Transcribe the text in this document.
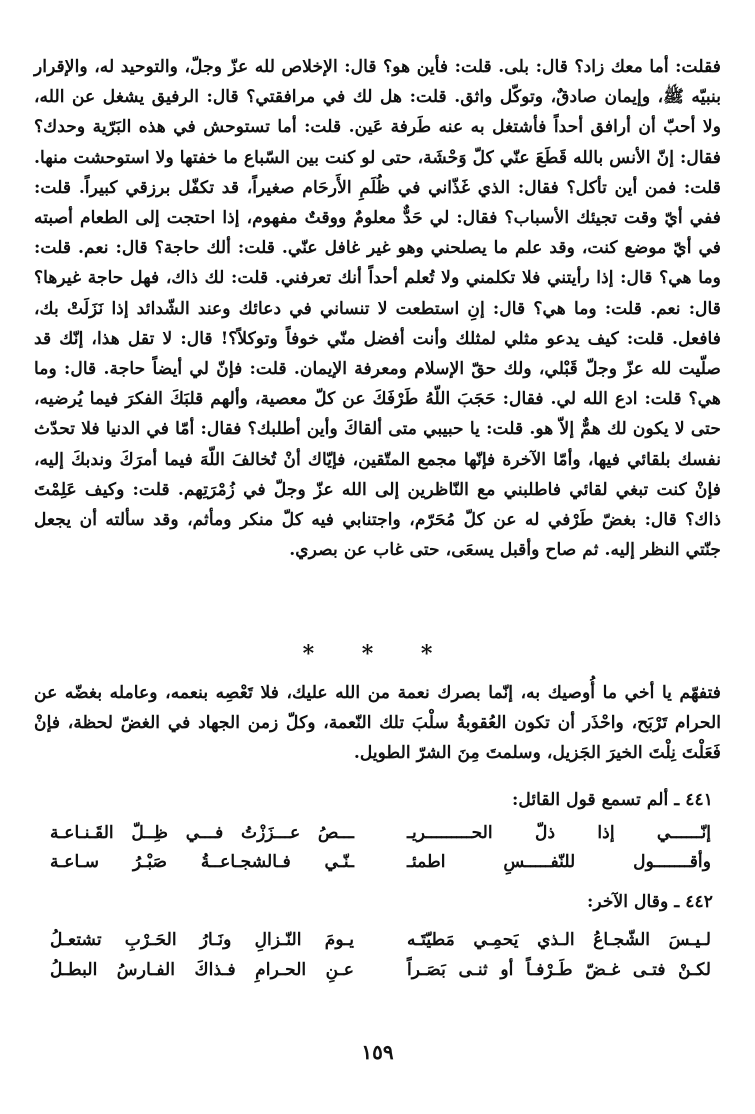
فقلت: أما معك زاد؟ قال: بلى. قلت: فأين هو؟ قال: الإخلاص لله عزّ وجلّ، والتوحيد له، والإقرار بنبيّه ﷺ، وإيمان صادقٌ، وتوكّل واثق. قلت: هل لك في مرافقتي؟ قال: الرفيق يشغل عن الله، ولا أحبّ أن أرافق أحداً فأشتغل به عنه طَرفة عَين. قلت: أما تستوحش في هذه البَرّية وحدك؟ فقال: إنّ الأنس بالله قَطَعَ عنّي كلّ وَحْشَة، حتى لو كنت بين السّباع ما خفتها ولا استوحشت منها. قلت: فمن أين تأكل؟ فقال: الذي غَذّاني في ظُلَمِ الأَرحَام صغيراً، قد تكفّل برزقي كبيراً. قلت: ففي أيّ وقت تجيئك الأسباب؟ فقال: لي حَدٌّ معلومٌ ووقتٌ مفهوم، إذا احتجت إلى الطعام أصبته في أيّ موضع كنت، وقد علم ما يصلحني وهو غير غافل عنّي. قلت: ألك حاجة؟ قال: نعم. قلت: وما هي؟ قال: إذا رأيتني فلا تكلمني ولا تُعلم أحداً أنك تعرفني. قلت: لك ذاك، فهل حاجة غيرها؟ قال: نعم. قلت: وما هي؟ قال: إنِ استطعت لا تنساني في دعائك وعند الشّدائد إذا نَزَلَتْ بك، فافعل. قلت: كيف يدعو مثلي لمثلك وأنت أفضل منّي خوفاً وتوكلاً؟! قال: لا تقل هذا، إنّك قد صلّيت لله عزّ وجلّ قَبْلي، ولك حقّ الإسلام ومعرفة الإيمان. قلت: فإنّ لي أيضاً حاجة. قال: وما هي؟ قلت: ادع الله لي. فقال: حَجَبَ اللّهُ طَرْفَكَ عن كلّ معصية، وألهم قلبَكَ الفكرَ فيما يُرضيه، حتى لا يكون لك همٌّ إلاّ هو. قلت: يا حبيبي متى ألقاكَ وأين أطلبك؟ فقال: أمّا في الدنيا فلا تحدّث نفسك بلقائي فيها، وأمّا الآخرة فإنّها مجمع المتّقين، فإيّاك أنْ تُخالفَ اللّهَ فيما أمرَكَ وندبكَ إليه، فإنْ كنت تبغي لقائي فاطلبني مع النّاظرين إلى الله عزّ وجلّ في زُمْرَتِهم. قلت: وكيف عَلِمْتَ ذاك؟ قال: بغضّ طَرْفي له عن كلّ مُحَرّم، واجتنابي فيه كلّ منكر ومأثم، وقد سألته أن يجعل جنّتي النظر إليه. ثم صاح وأقبل يسعَى، حتى غاب عن بصري.

* * *

فتفهّم يا أخي ما أُوصيك به، إنّما بصرك نعمة من الله عليك، فلا تَعْصِه بنعمه، وعامله بغضّه عن الحرام تَرْبَح، واحْذَر أن تكون العُقوبةُ سلْبَ تلك النّعمة، وكلّ زمن الجهاد في الغضّ لحظة، فإنْ فَعَلْتَ نِلْتَ الخيرَ الجَزيل، وسلمتَ مِنَ الشرّ الطويل.

٤٤١ ـ ألم تسمع قول القائل:
إنّــــــي إذا ذلّ الحـــــــــريـ
ـــصُ عـــزَزْتُ فـــي ظِــلّ القَـنـاعـة
وأقـــــــول للنّفـــــسِ اطمئـ
ـنّـي فـالشجـاعــةُ صَبْـرُ سـاعـة
٤٤٢ ـ وقال الآخر:
لـيـسَ الشّجـاعُ الـذي يَحمِـي مَطيّتَـه
يـومَ النّـزالِ ونَـارُ الحَـرْبِ تشتعـلُ
لكـنْ فتـى غـضّ طَـرْفـاً أو ثنـى بَصَـراً
عـنِ الحـرامِ فـذاكَ الفـارسُ البطـلُ
١٥٩
